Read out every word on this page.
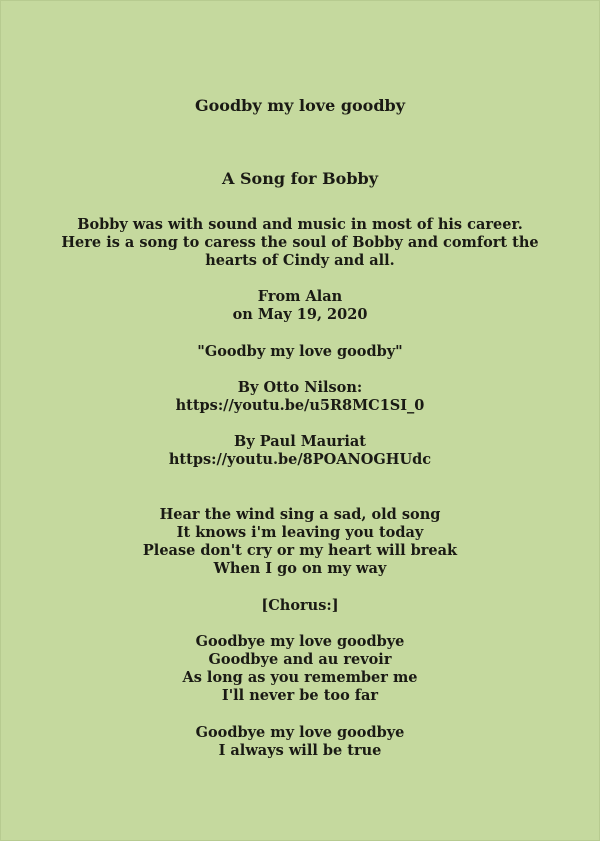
Goodby my love goodby
A Song for Bobby
Bobby was with sound and music in most of his career.
Here is a song to caress the soul of Bobby and comfort the
hearts of Cindy and all.
From Alan
on May 19, 2020
"Goodby my love goodby"
By Otto Nilson:
https://youtu.be/u5R8MC1SI_0
By Paul Mauriat
https://youtu.be/8POANOGHUdc
Hear the wind sing a sad, old song
It knows i'm leaving you today
Please don't cry or my heart will break
When I go on my way
[Chorus:]
Goodbye my love goodbye
Goodbye and au revoir
As long as you remember me
I'll never be too far
Goodbye my love goodbye
I always will be true
